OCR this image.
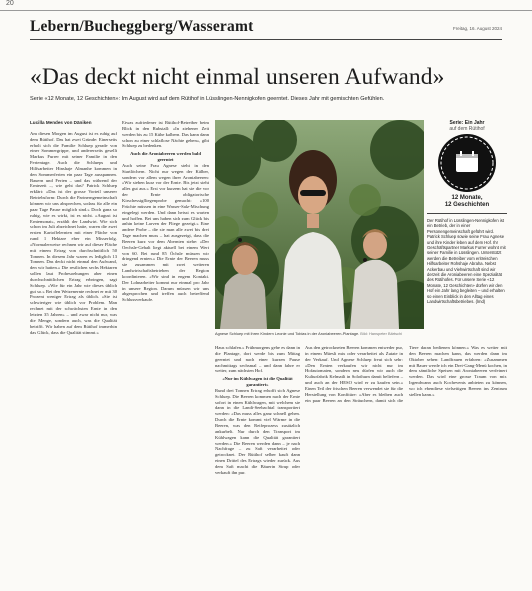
20
Lebern/Bucheggberg/Wasseramt	Freitag, 16. August 2024
«Das deckt nicht einmal unseren Aufwand»
Serie «12 Monate, 12 Geschichten»: Im August wird auf dem Rütihof in Lüsslingen-Nennigkofen geerntet. Dieses Jahr mit gemischten Gefühlen.

Lucilla Mendes von Däniken

Am diesen Morgen im August ist es ruhig auf dem Rütihof. Das hat zwei Gründe: Einerseits erholt sich die Familie Schluep gerade von einer Sommergrippe, und andererseits gesellt Markus Furrer mit seiner Familie in den Ferientage. Auch die Schlueps und Hilfsarbeiter Hinshaje Almanhe kommen in den Sommerferien ein paar Tage ausspannen. Bauern und Ferien – und das während der Erntezeit –, wie geht das? Patrick Schluep erklärt: «Das ist der grosse Vorteil unserer Betriebsform: Durch die Partnerngemeinschaft können wir uns absprechen, sodass für alle ein paar Tage Pause möglich sind.» Doch ganz so ruhig, wie es wirkt, ist es nicht. «August ist Erntemonat», erzählt der Landwirt. Wie sich schon im Juli abzeichnet hatte, waren die zwei ersten Kartoffelernten mit einer Fläche von rund 1 Hektare eher ein Misserfolg. «Normalerweise rechnen wir auf dieser Fläche mit einem Ertrag von durchschnittlich 50 Tonnen. In diesem Jahr waren es lediglich 13 Tonnen. Das deckt nicht einmal den Aufwand, den wir hatten.» Die restlichen sechs Hektaren sollen laut Prohesoehungen aber einen durchschnittlichen Ertrag erbringen, sagt Schluep. «Wie für ein Jahr wie dieses üblich gut so.» Bei den Weizenernte rechnet er mit 30 Prozent weniger Ertrag als üblich. «Sie ist schwieriger wie üblich vor Problem. Man rechnet mit der schwächsten Ernte in den letzten 35 Jahren» – und zwar nicht nur, was die Menge, sondern auch, was die Qualität betrifft. Wir haben auf dem Rütihof immerhin das Glück, dass die Qualität stimmt.»

Etwas zufriedener ist Rütihof-Betreiber beim Blick in den Rubstall: «In ziehener Zeit werden bis zu 15 Kühe kalbern. Das kann dann schon zu einer schlaflose Nächte geben», gibt Schluep zu bedenken.

Auch die Aroniabeeren werden bald geerntet

Auch seine Frau Agnese steht in den Startlöchern. Nicht nur wegen der Kälber, sondern vor allem wegen ihrer Aroniabeeren: «Wir sieben kurz vor der Ernte. Bis jetzt sieht alles gut aus.» Erst vor kurzem hat sie die vor der Ernte obligatorische Kirschessigfliegenprobe gemacht: «100 Früchte müssen in eine Wasser-Salz-Mischung eingelegt werden. Und dann heisst es warten und hoffen. Bei uns haben sich zum Glück bis anhin keine Larven der Fliege gezeigt.» Eine andere Probe – die sie man alle zwei bis drei Tage machen muss – hat ausgezeigt, dass die Beeren kurz vor dem Abernten stehe: «Der Oechsle-Gehalt liegt aktuell bei einem Wert von 60. Bei rund 85 Öchsle müssen wir dringend ernten.» Die Ernte der Beeren muss sie zusammen mit zwei weiteren Landwirtschaftsbetrieben der Region koordinieren. «Wir sind in engem Kontakt. Der Lohnarbeiter kommt nur einmal pro Jahr in unsere Region. Darum müssen wir uns abgesprochen und treffen auch betreffend Schlussverkaufe.

Agnese Schluep mit ihren Kindern Leonie und Tobias in der Aroniabeeren-Plantage. Bild: Hanspeter Bärtschi
Serie: Ein Jahr
auf dem Rütihof
12 Monate,
12 Geschichten
Der Rütihof in Lüsslingen-Nennigkofen ist ein Betrieb, der in einer Personengemeinschaft geführt wird. Patrick Schluep sowie seine Frau Agnese und ihre Kinder leben auf dem Hof. Ihr Geschäftspartner Markus Furrer wohnt mit seiner Familie in Lüsslingen. Unterstützt werden die Betreiber vom eritreischen Hilfsarbeiter Rohshaje Abraha. Nebst Ackerbau und Viehwirtschaft sind wir derzeit die Aroniabeeren eine Spezialität des Rütihofes. Für unsere Serie «12 Monate, 12 Geschichten» dürfen wir den Hof ein Jahr lang begleiten – und erhalten so einen Einblick in den Alltag eines Landwirtschaftsbetriebes. (lmd)

Haus schlafen.» Frühmorgens gehe es dann in die Plantage, dort werde bis zum Mittag geerntet und nach einer kurzen Pause nachmittags sechsmal – und dann fahre er weiter, zum nächsten Hof.

«Nur im Kühlwagen ist die Qualität garantiert»

Rund drei Tonnen Ertrag erhofft sich Agnese Schluep. Die Beeren kommen nach der Ernte sofort in einen Kühlwagen, mit welchem sie dann in die Landi-Seebachtal transportiert werden: «Das muss alles ganz schnell gehen. Durch die Ernte kommt viel Wärme in die Beeren, was den Reifeprozess zusätzlich ankurbelt. Nur durch den Transport im Kühlwagen kann die Qualität garantiert werden.» Die Beeren werden dann – je nach Nachfrage – zu Saft verarbeitet oder getrocknet. Der Rütihof selber kauft dann einen Drittel des Ertrags wieder zurück. Aus dem Saft macht die Bäuerin Sirup oder verkauft ihn pur.

Aus den getrockneten Beeren kommen entweder pur, in einem Müesli mix oder verarbeitet als Zutate in der Verkauf. Und Agnese Schluep freut sich sehr: «Den Ernten verkaufen wir nicht nur im Hofautomaten, sondern neu dürfen wir auch die Kulturfabrik Kelmatli in Solothurn damit beliefern – und auch an der HESO wird er zu kaufen sein.» Einen Teil der frischen Beeren verwendet sie für die Herstellung von Konfitüre: «Aber es bleiben auch ein paar Beeren an den Sträuchern, damit sich die Tiere daran bedienen können.» Was es weiter mit den Beeren machen kann, das werden dann im Oktober sehen: Landfrauen erfahren: «Zusammen mit Bauer werde ich ein Drei-Gang-Menü kochen, in dem sämtliche Speisen mit Aroniabeeren verfeinert werden. Das wird eine grosse Traum von mir. Irgendwann auch Kochevents anbieten zu können, wo ich ebendiese vielseitigen Beeren ins Zentrum stellen kann.»
